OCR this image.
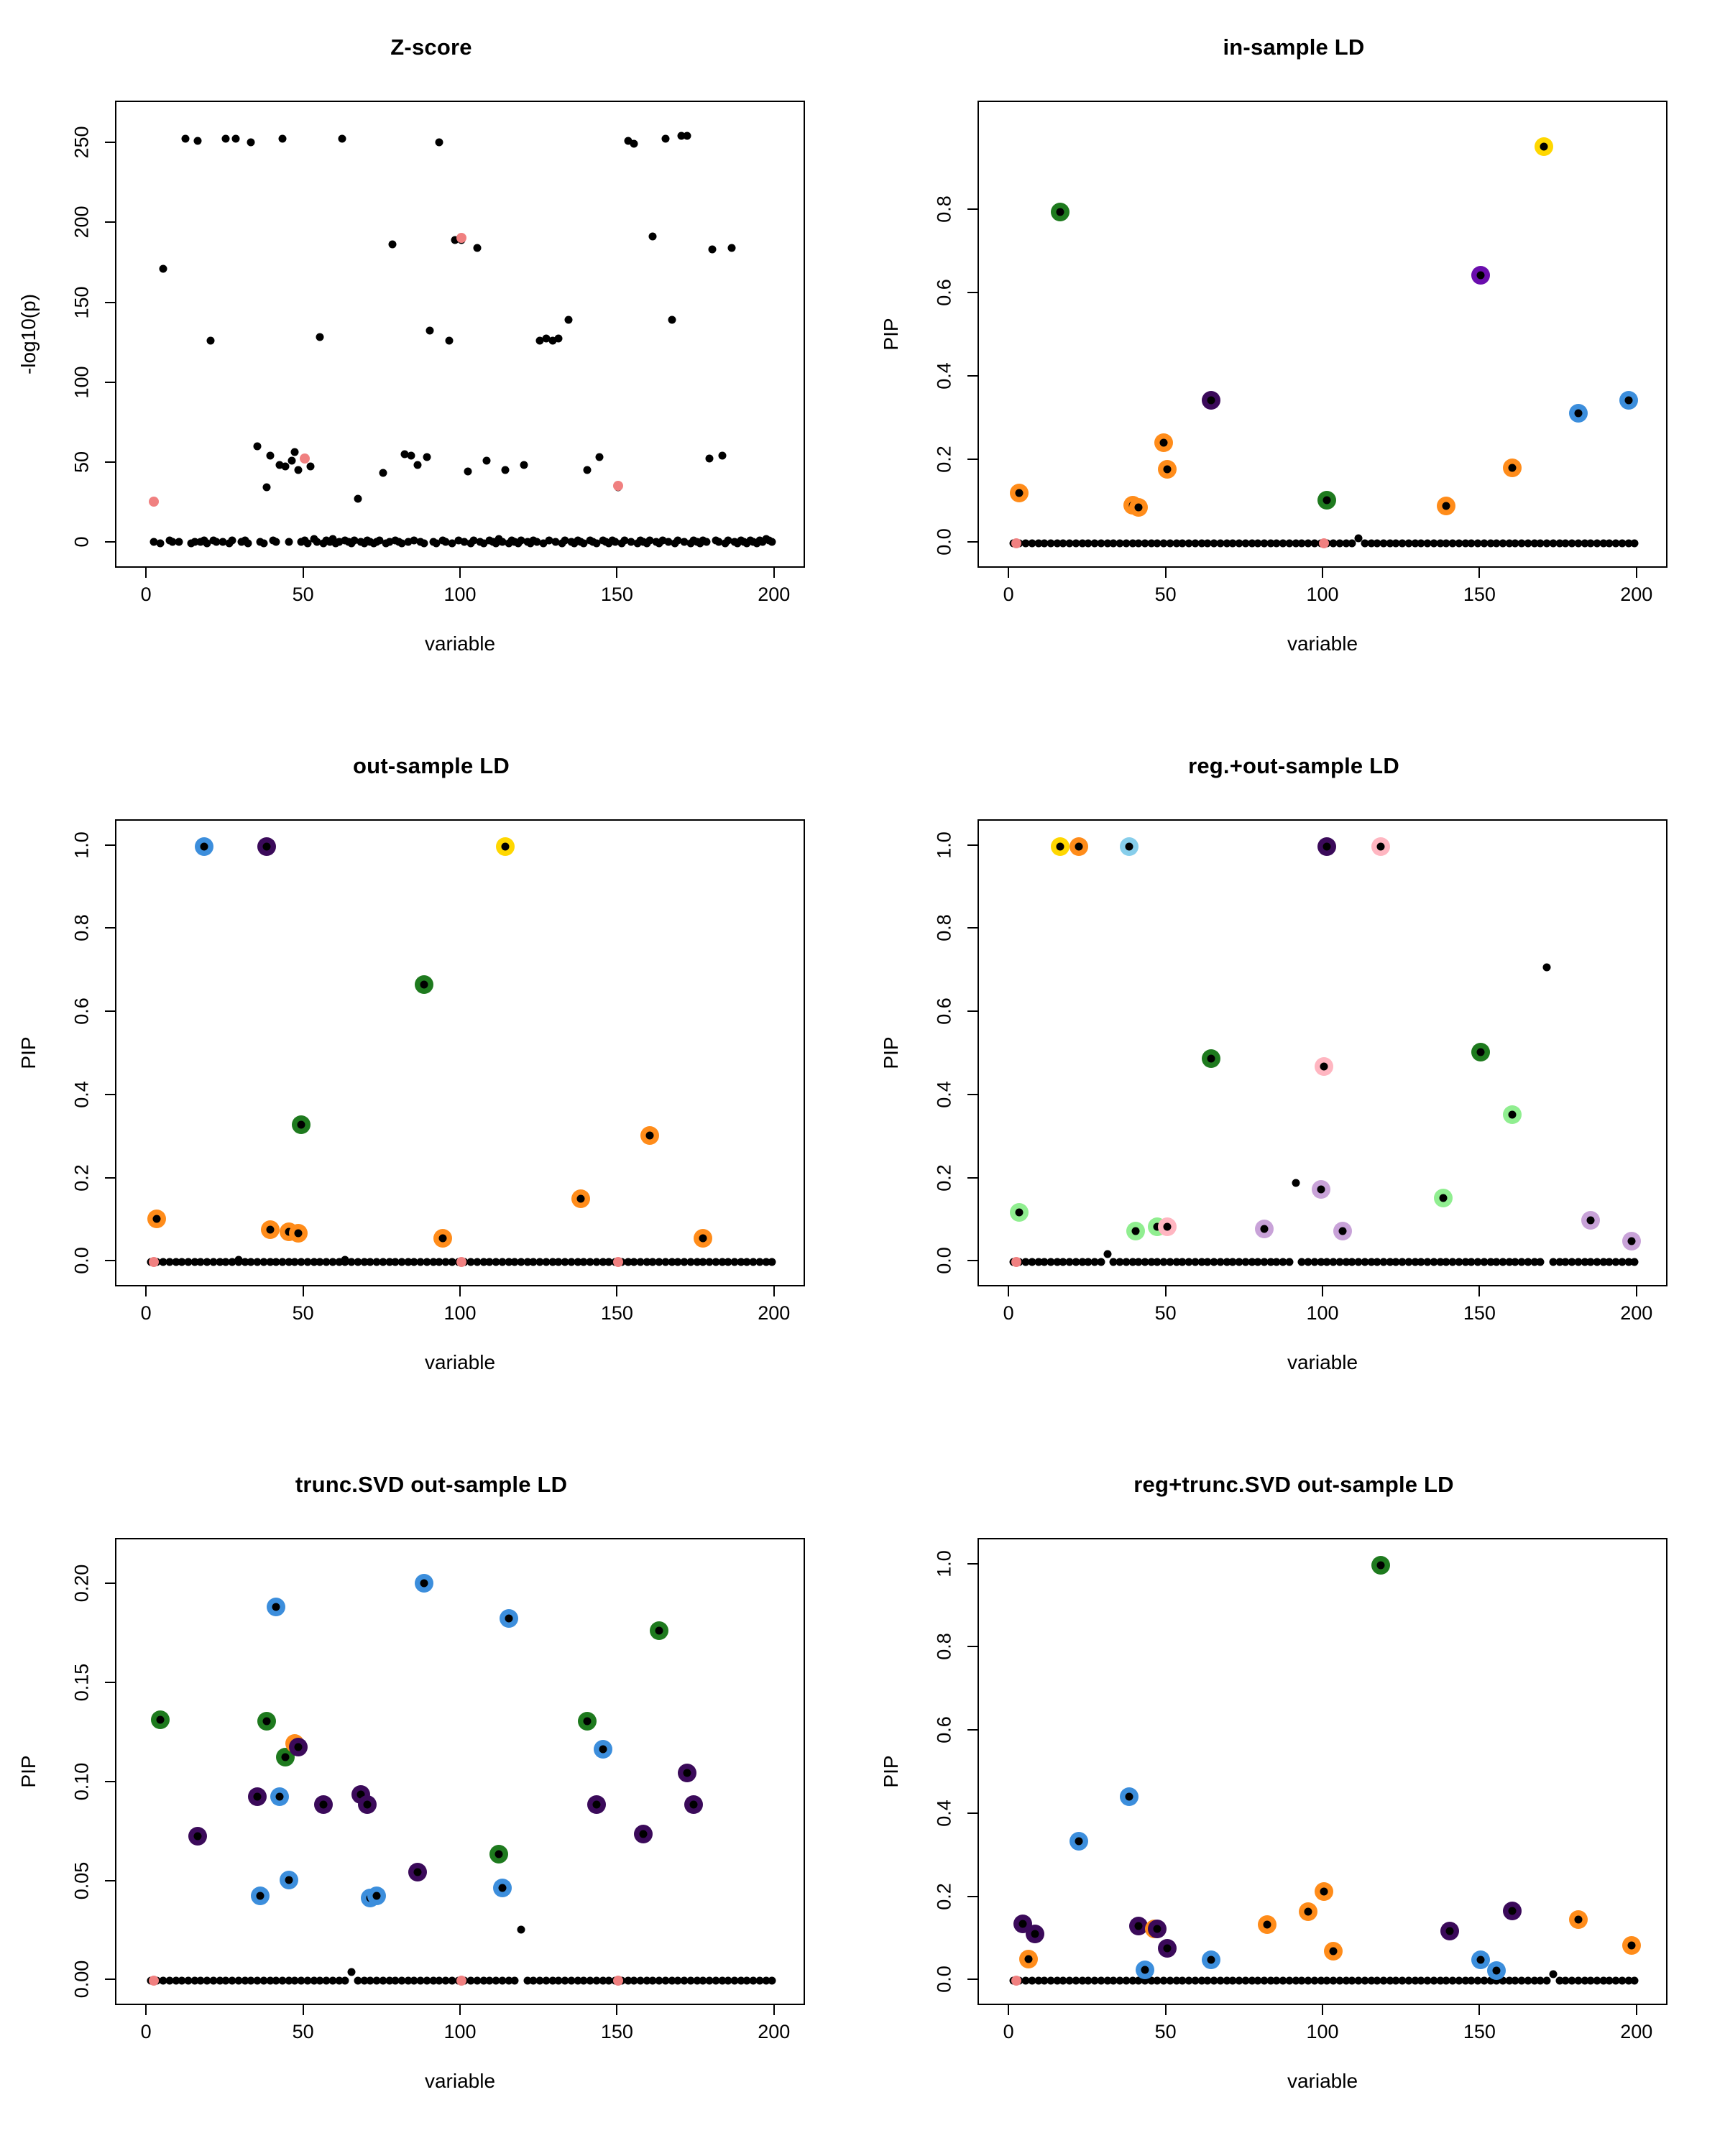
Z-score
0	50	100	150	200
0
50
100
150
200
250
variable
-log10(p)
in-sample LD
0	50	100	150	200
0.0
0.2
0.4
0.6
0.8
variable
PIP
out-sample LD
0	50	100	150	200
0.0
0.2
0.4
0.6
0.8
1.0
variable
PIP
reg.+out-sample LD
0	50	100	150	200
0.0
0.2
0.4
0.6
0.8
1.0
variable
PIP
trunc.SVD out-sample LD
0	50	100	150	200
0.00
0.05
0.10
0.15
0.20
variable
PIP
reg+trunc.SVD out-sample LD
0	50	100	150	200
0.0
0.2
0.4
0.6
0.8
1.0
variable
PIP
